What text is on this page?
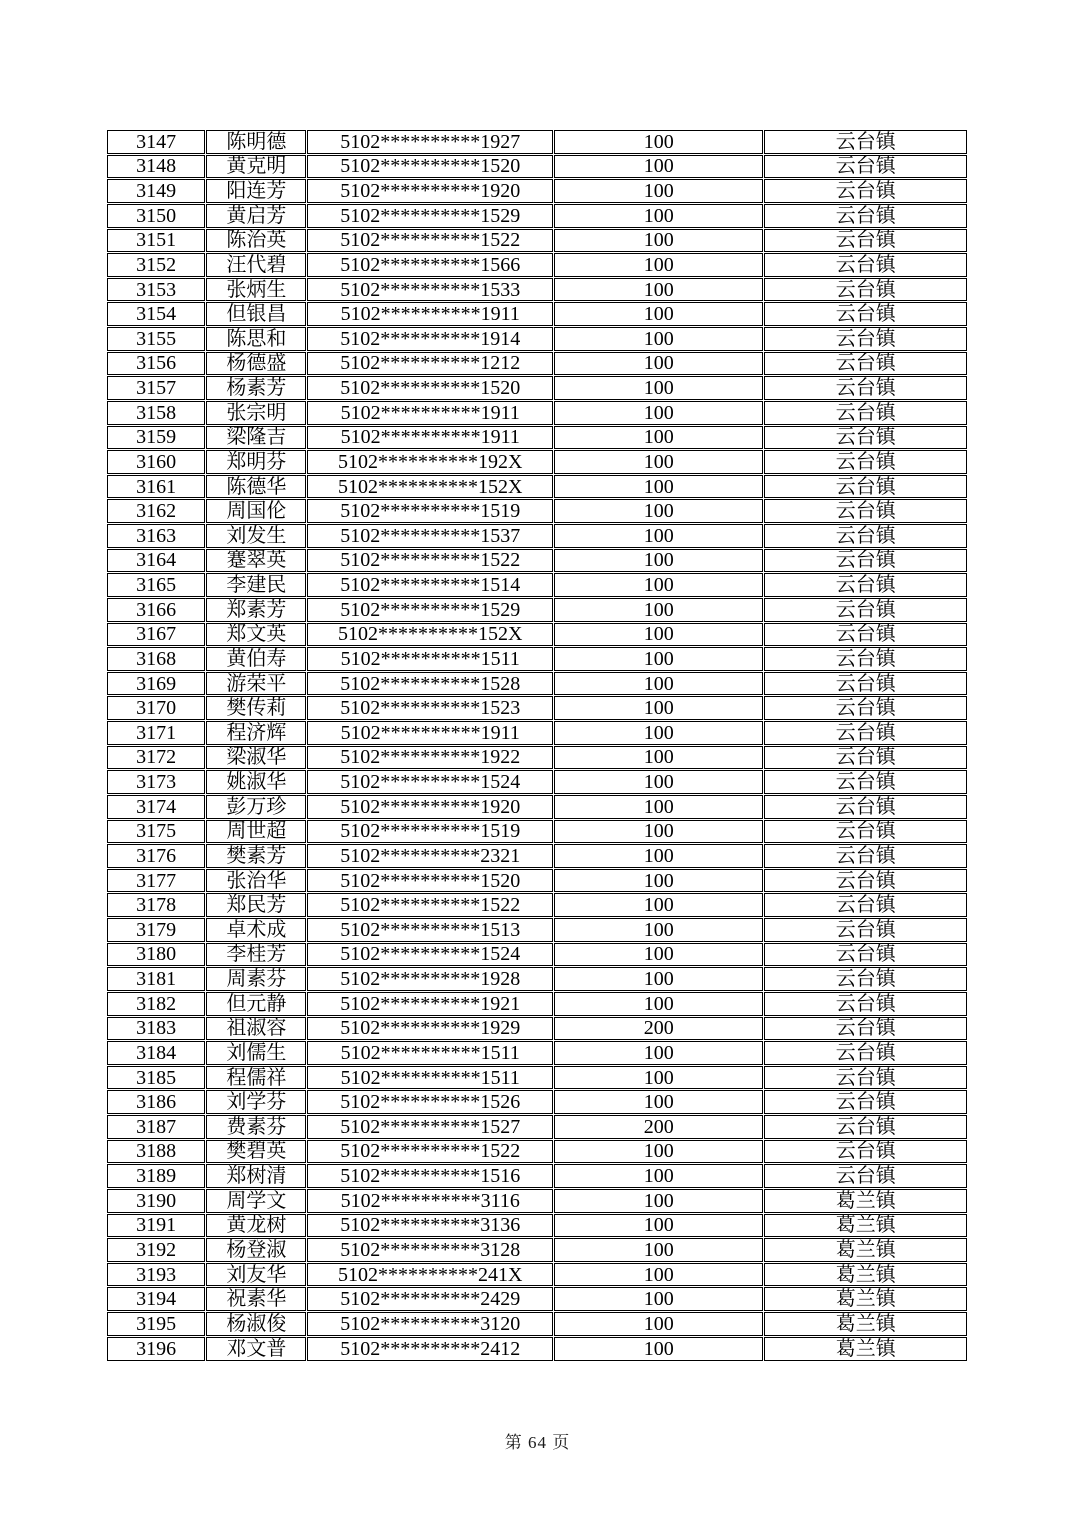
3147	陈明德	5102**********1927	100	云台镇
3148	黄克明	5102**********1520	100	云台镇
3149	阳连芳	5102**********1920	100	云台镇
3150	黄启芳	5102**********1529	100	云台镇
3151	陈治英	5102**********1522	100	云台镇
3152	汪代碧	5102**********1566	100	云台镇
3153	张炳生	5102**********1533	100	云台镇
3154	但银昌	5102**********1911	100	云台镇
3155	陈思和	5102**********1914	100	云台镇
3156	杨德盛	5102**********1212	100	云台镇
3157	杨素芳	5102**********1520	100	云台镇
3158	张宗明	5102**********1911	100	云台镇
3159	梁隆吉	5102**********1911	100	云台镇
3160	郑明芬	5102**********192X	100	云台镇
3161	陈德华	5102**********152X	100	云台镇
3162	周国伦	5102**********1519	100	云台镇
3163	刘发生	5102**********1537	100	云台镇
3164	蹇翠英	5102**********1522	100	云台镇
3165	李建民	5102**********1514	100	云台镇
3166	郑素芳	5102**********1529	100	云台镇
3167	郑文英	5102**********152X	100	云台镇
3168	黄伯寿	5102**********1511	100	云台镇
3169	游荣平	5102**********1528	100	云台镇
3170	樊传莉	5102**********1523	100	云台镇
3171	程济辉	5102**********1911	100	云台镇
3172	梁淑华	5102**********1922	100	云台镇
3173	姚淑华	5102**********1524	100	云台镇
3174	彭万珍	5102**********1920	100	云台镇
3175	周世超	5102**********1519	100	云台镇
3176	樊素芳	5102**********2321	100	云台镇
3177	张治华	5102**********1520	100	云台镇
3178	郑民芳	5102**********1522	100	云台镇
3179	卓术成	5102**********1513	100	云台镇
3180	李桂芳	5102**********1524	100	云台镇
3181	周素芬	5102**********1928	100	云台镇
3182	但元静	5102**********1921	100	云台镇
3183	祖淑容	5102**********1929	200	云台镇
3184	刘儒生	5102**********1511	100	云台镇
3185	程儒祥	5102**********1511	100	云台镇
3186	刘学芬	5102**********1526	100	云台镇
3187	费素芬	5102**********1527	200	云台镇
3188	樊碧英	5102**********1522	100	云台镇
3189	郑树清	5102**********1516	100	云台镇
3190	周学文	5102**********3116	100	葛兰镇
3191	黄龙树	5102**********3136	100	葛兰镇
3192	杨登淑	5102**********3128	100	葛兰镇
3193	刘友华	5102**********241X	100	葛兰镇
3194	祝素华	5102**********2429	100	葛兰镇
3195	杨淑俊	5102**********3120	100	葛兰镇
3196	邓文普	5102**********2412	100	葛兰镇
第 64 页
